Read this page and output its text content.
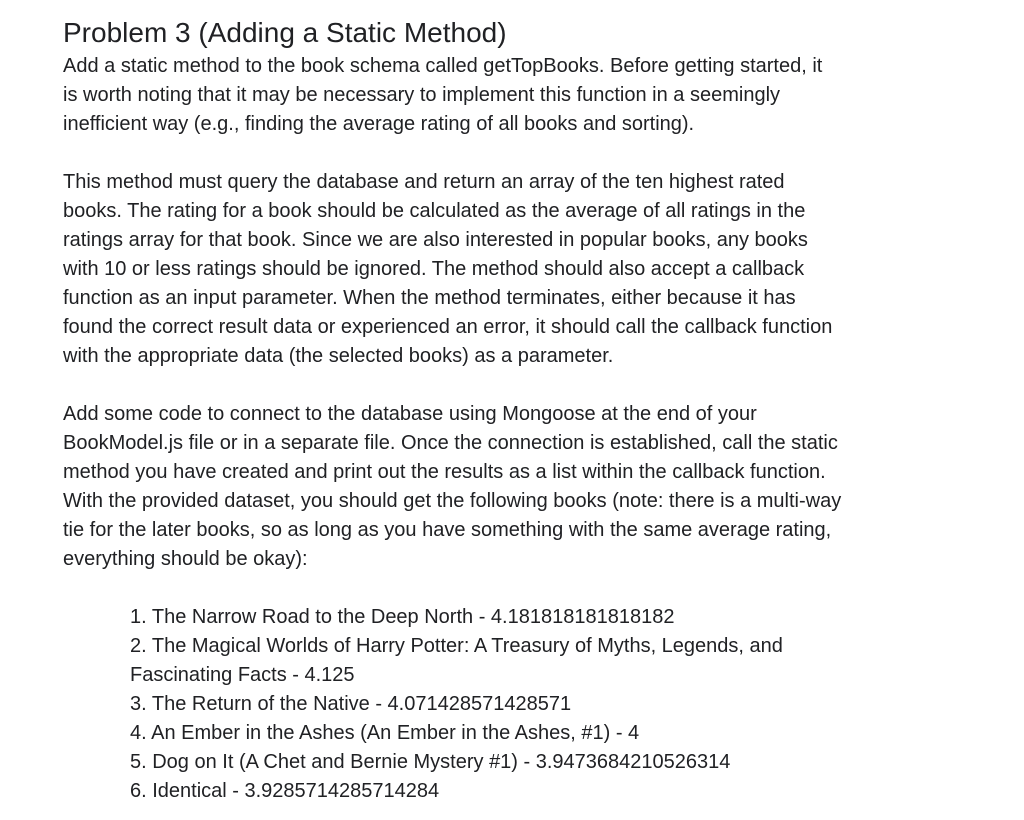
Problem 3 (Adding a Static Method)

Add a static method to the book schema called getTopBooks. Before getting started, it
is worth noting that it may be necessary to implement this function in a seemingly
inefficient way (e.g., finding the average rating of all books and sorting).

This method must query the database and return an array of the ten highest rated
books. The rating for a book should be calculated as the average of all ratings in the
ratings array for that book. Since we are also interested in popular books, any books
with 10 or less ratings should be ignored. The method should also accept a callback
function as an input parameter. When the method terminates, either because it has
found the correct result data or experienced an error, it should call the callback function
with the appropriate data (the selected books) as a parameter.

Add some code to connect to the database using Mongoose at the end of your
BookModel.js file or in a separate file. Once the connection is established, call the static
method you have created and print out the results as a list within the callback function.
With the provided dataset, you should get the following books (note: there is a multi-way
tie for the later books, so as long as you have something with the same average rating,
everything should be okay):

1. The Narrow Road to the Deep North - 4.181818181818182
2. The Magical Worlds of Harry Potter: A Treasury of Myths, Legends, and
Fascinating Facts - 4.125
3. The Return of the Native - 4.071428571428571
4. An Ember in the Ashes (An Ember in the Ashes, #1) - 4
5. Dog on It (A Chet and Bernie Mystery #1) - 3.9473684210526314
6. Identical - 3.9285714285714284
